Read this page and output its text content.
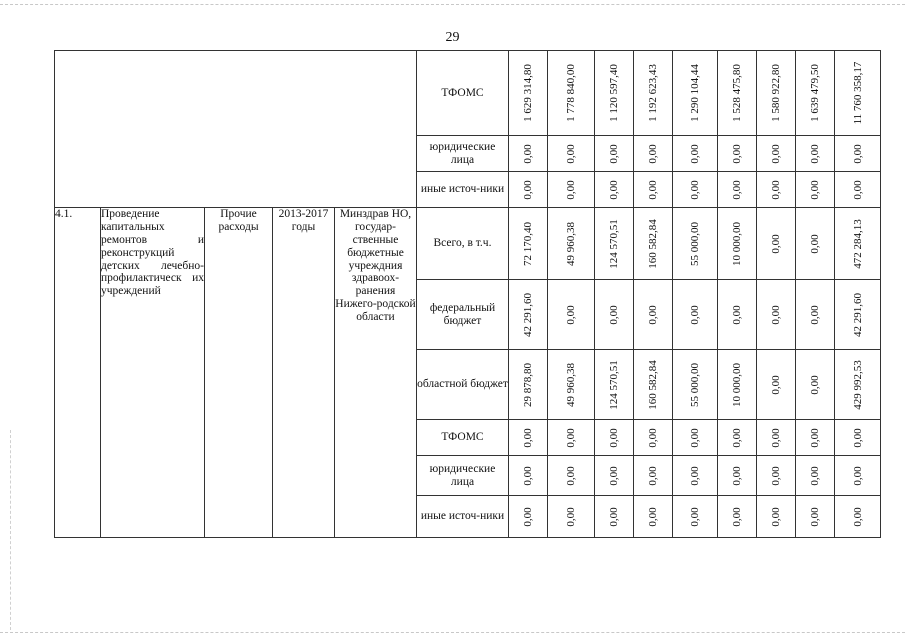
29
					ТФОМС	1 629 314,80	1 778 840,00	1 120 597,40	1 192 623,43	1 290 104,44	1 528 475,80	1 580 922,80	1 639 479,50	11 760 358,17

					юридические лица	0,00	0,00	0,00	0,00	0,00	0,00	0,00	0,00	0,00

					иные источ-ники	0,00	0,00	0,00	0,00	0,00	0,00	0,00	0,00	0,00

4.1.	Проведение капитальных ремонтов и реконструкций детских лечебно-профилактическ их учреждений	Прочие расходы	2013-2017 годы	Минздрав НО, государ-ственные бюджетные учреждния здравоох-ранения Нижего-родской области	Всего, в т.ч.	72 170,40	49 960,38	124 570,51	160 582,84	55 000,00	10 000,00	0,00	0,00	472 284,13

					федеральный бюджет	42 291,60	0,00	0,00	0,00	0,00	0,00	0,00	0,00	42 291,60

					областной бюджет	29 878,80	49 960,38	124 570,51	160 582,84	55 000,00	10 000,00	0,00	0,00	429 992,53

					ТФОМС	0,00	0,00	0,00	0,00	0,00	0,00	0,00	0,00	0,00

					юридические лица	0,00	0,00	0,00	0,00	0,00	0,00	0,00	0,00	0,00

					иные источ-ники	0,00	0,00	0,00	0,00	0,00	0,00	0,00	0,00	0,00
